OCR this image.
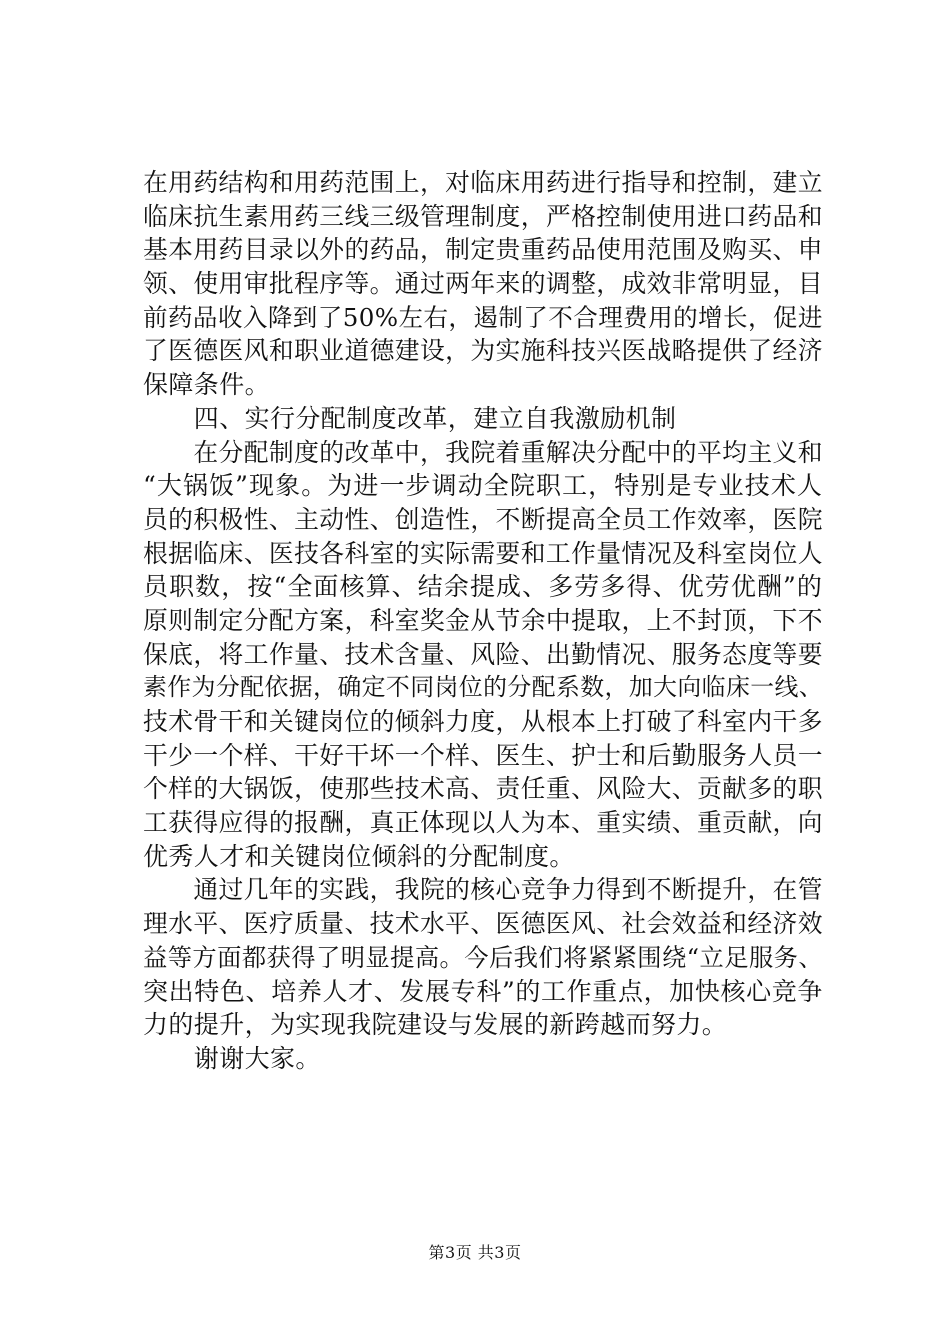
在用药结构和用药范围上，对临床用药进行指导和控制，建立
临床抗生素用药三线三级管理制度，严格控制使用进口药品和
基本用药目录以外的药品，制定贵重药品使用范围及购买、申
领、使用审批程序等。通过两年来的调整，成效非常明显，目
前药品收入降到了50%左右，遏制了不合理费用的增长，促进
了医德医风和职业道德建设，为实施科技兴医战略提供了经济
保障条件。
　　四、实行分配制度改革，建立自我激励机制
　　在分配制度的改革中，我院着重解决分配中的平均主义和
“大锅饭”现象。为进一步调动全院职工，特别是专业技术人
员的积极性、主动性、创造性，不断提高全员工作效率，医院
根据临床、医技各科室的实际需要和工作量情况及科室岗位人
员职数，按“全面核算、结余提成、多劳多得、优劳优酬”的
原则制定分配方案，科室奖金从节余中提取，上不封顶，下不
保底，将工作量、技术含量、风险、出勤情况、服务态度等要
素作为分配依据，确定不同岗位的分配系数，加大向临床一线、
技术骨干和关键岗位的倾斜力度，从根本上打破了科室内干多
干少一个样、干好干坏一个样、医生、护士和后勤服务人员一
个样的大锅饭，使那些技术高、责任重、风险大、贡献多的职
工获得应得的报酬，真正体现以人为本、重实绩、重贡献，向
优秀人才和关键岗位倾斜的分配制度。
　　通过几年的实践，我院的核心竞争力得到不断提升，在管
理水平、医疗质量、技术水平、医德医风、社会效益和经济效
益等方面都获得了明显提高。今后我们将紧紧围绕“立足服务、
突出特色、培养人才、发展专科”的工作重点，加快核心竞争
力的提升，为实现我院建设与发展的新跨越而努力。
　　谢谢大家。
第3页 共3页
